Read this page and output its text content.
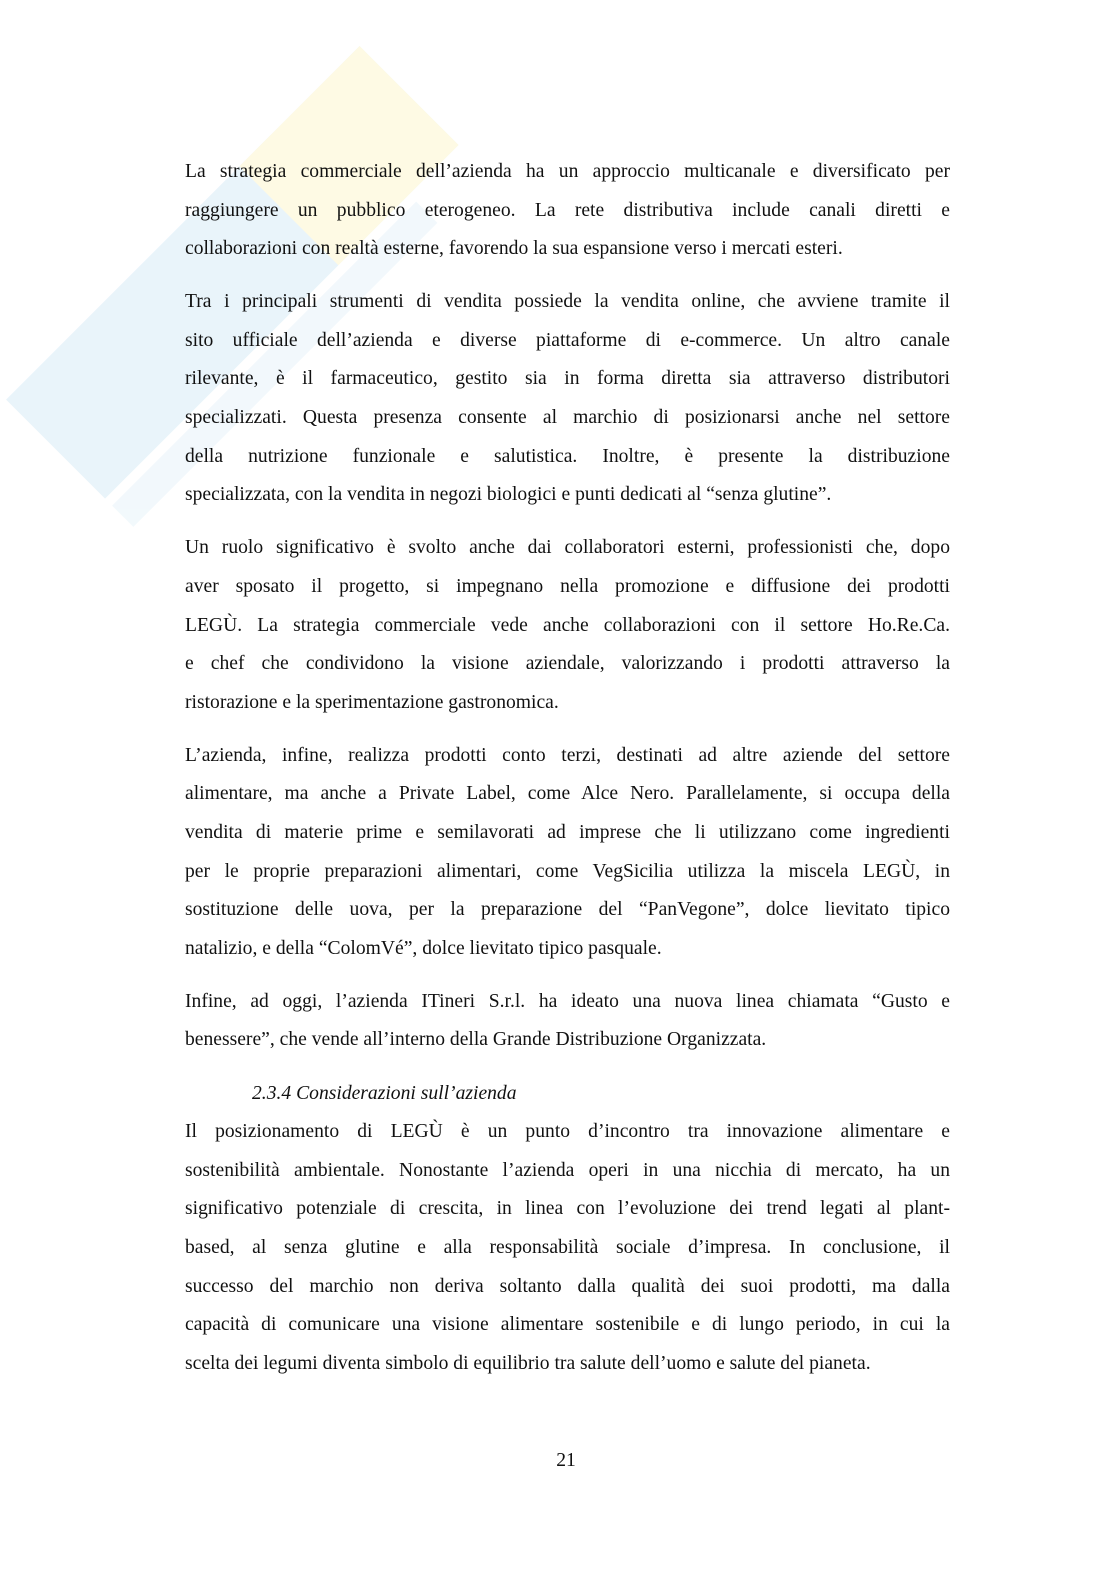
La strategia commerciale dell’azienda ha un approccio multicanale e diversificato per
raggiungere un pubblico eterogeneo. La rete distributiva include canali diretti e
collaborazioni con realtà esterne, favorendo la sua espansione verso i mercati esteri.

Tra i principali strumenti di vendita possiede la vendita online, che avviene tramite il
sito ufficiale dell’azienda e diverse piattaforme di e-commerce. Un altro canale
rilevante, è il farmaceutico, gestito sia in forma diretta sia attraverso distributori
specializzati. Questa presenza consente al marchio di posizionarsi anche nel settore
della nutrizione funzionale e salutistica. Inoltre, è presente la distribuzione
specializzata, con la vendita in negozi biologici e punti dedicati al “senza glutine”.

Un ruolo significativo è svolto anche dai collaboratori esterni, professionisti che, dopo
aver sposato il progetto, si impegnano nella promozione e diffusione dei prodotti
LEGÙ. La strategia commerciale vede anche collaborazioni con il settore Ho.Re.Ca.
e chef che condividono la visione aziendale, valorizzando i prodotti attraverso la
ristorazione e la sperimentazione gastronomica.

L’azienda, infine, realizza prodotti conto terzi, destinati ad altre aziende del settore
alimentare, ma anche a Private Label, come Alce Nero. Parallelamente, si occupa della
vendita di materie prime e semilavorati ad imprese che li utilizzano come ingredienti
per le proprie preparazioni alimentari, come VegSicilia utilizza la miscela LEGÙ, in
sostituzione delle uova, per la preparazione del “PanVegone”, dolce lievitato tipico
natalizio, e della “ColomVé”, dolce lievitato tipico pasquale.

Infine, ad oggi, l’azienda ITineri S.r.l. ha ideato una nuova linea chiamata “Gusto e
benessere”, che vende all’interno della Grande Distribuzione Organizzata.

2.3.4 Considerazioni sull’azienda

Il posizionamento di LEGÙ è un punto d’incontro tra innovazione alimentare e
sostenibilità ambientale. Nonostante l’azienda operi in una nicchia di mercato, ha un
significativo potenziale di crescita, in linea con l’evoluzione dei trend legati al plant-
based, al senza glutine e alla responsabilità sociale d’impresa. In conclusione, il
successo del marchio non deriva soltanto dalla qualità dei suoi prodotti, ma dalla
capacità di comunicare una visione alimentare sostenibile e di lungo periodo, in cui la
scelta dei legumi diventa simbolo di equilibrio tra salute dell’uomo e salute del pianeta.

21
